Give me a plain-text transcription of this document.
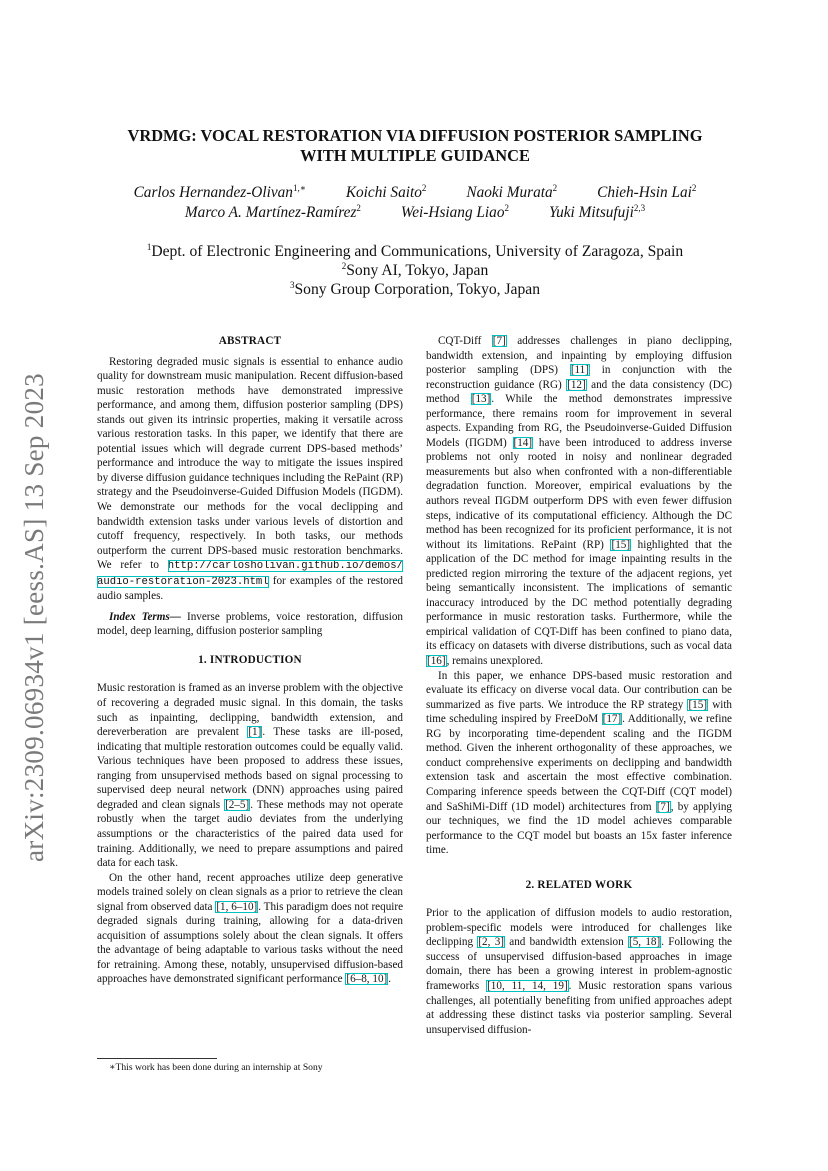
arXiv:2309.06934v1 [eess.AS] 13 Sep 2023
VRDMG: VOCAL RESTORATION VIA DIFFUSION POSTERIOR SAMPLING
WITH MULTIPLE GUIDANCE
Carlos Hernandez-Olivan$^{1,∗}$	Koichi Saito$^2$	Naoki Murata$^2$	Chieh-Hsin Lai$^2$
Marco A. Martínez-Ramírez$^2$	Wei-Hsiang Liao$^2$	Yuki Mitsufuji$^{2,3}$
$^1$Dept. of Electronic Engineering and Communications, University of Zaragoza, Spain
$^2$Sony AI, Tokyo, Japan
$^3$Sony Group Corporation, Tokyo, Japan
ABSTRACT

Restoring degraded music signals is essential to enhance audio quality for downstream music manipulation. Recent diffusion-based music restoration methods have demonstrated impressive performance, and among them, diffusion posterior sampling (DPS) stands out given its intrinsic properties, making it versatile across various restoration tasks. In this paper, we identify that there are potential issues which will degrade current DPS-based methods’ performance and introduce the way to mitigate the issues inspired by diverse diffusion guidance techniques including the RePaint (RP) strategy and the Pseudoinverse-Guided Diffusion Models (ΠGDM). We demonstrate our methods for the vocal declipping and bandwidth extension tasks under various levels of distortion and cutoff frequency, respectively. In both tasks, our methods outperform the current DPS-based music restoration benchmarks. We refer to http://carlosholivan.github.io/demos/ audio-restoration-2023.html for examples of the restored audio samples.

Index Terms— Inverse problems, voice restoration, diffusion model, deep learning, diffusion posterior sampling

1. INTRODUCTION

Music restoration is framed as an inverse problem with the objective of recovering a degraded music signal. In this domain, the tasks such as inpainting, declipping, bandwidth extension, and dereverberation are prevalent [1]. These tasks are ill-posed, indicating that multiple restoration outcomes could be equally valid. Various techniques have been proposed to address these issues, ranging from unsupervised methods based on signal processing to supervised deep neural network (DNN) approaches using paired degraded and clean signals [2–5]. These methods may not operate robustly when the target audio deviates from the underlying assumptions or the characteristics of the paired data used for training. Additionally, we need to prepare assumptions and paired data for each task.

On the other hand, recent approaches utilize deep generative models trained solely on clean signals as a prior to retrieve the clean signal from observed data [1, 6–10]. This paradigm does not require degraded signals during training, allowing for a data-driven acquisition of assumptions solely about the clean signals. It offers the advantage of being adaptable to various tasks without the need for retraining. Among these, notably, unsupervised diffusion-based approaches have demonstrated significant performance [6–8, 10].

∗This work has been done during an internship at Sony

CQT-Diff [7] addresses challenges in piano declipping, bandwidth extension, and inpainting by employing diffusion posterior sampling (DPS) [11] in conjunction with the reconstruction guidance (RG) [12] and the data consistency (DC) method [13]. While the method demonstrates impressive performance, there remains room for improvement in several aspects. Expanding from RG, the Pseudoinverse-Guided Diffusion Models (ΠGDM) [14] have been introduced to address inverse problems not only rooted in noisy and nonlinear degraded measurements but also when confronted with a non-differentiable degradation function. Moreover, empirical evaluations by the authors reveal ΠGDM outperform DPS with even fewer diffusion steps, indicative of its computational efficiency. Although the DC method has been recognized for its proficient performance, it is not without its limitations. RePaint (RP) [15] highlighted that the application of the DC method for image inpainting results in the predicted region mirroring the texture of the adjacent regions, yet being semantically inconsistent. The implications of semantic inaccuracy introduced by the DC method potentially degrading performance in music restoration tasks. Furthermore, while the empirical validation of CQT-Diff has been confined to piano data, its efficacy on datasets with diverse distributions, such as vocal data [16], remains unexplored.

In this paper, we enhance DPS-based music restoration and evaluate its efficacy on diverse vocal data. Our contribution can be summarized as five parts. We introduce the RP strategy [15] with time scheduling inspired by FreeDoM [17]. Additionally, we refine RG by incorporating time-dependent scaling and the ΠGDM method. Given the inherent orthogonality of these approaches, we conduct comprehensive experiments on declipping and bandwidth extension task and ascertain the most effective combination. Comparing inference speeds between the CQT-Diff (CQT model) and SaShiMi-Diff (1D model) architectures from [7], by applying our techniques, we find the 1D model achieves comparable performance to the CQT model but boasts an 15x faster inference time.

2. RELATED WORK

Prior to the application of diffusion models to audio restoration, problem-specific models were introduced for challenges like declipping [2, 3] and bandwidth extension [5, 18]. Following the success of unsupervised diffusion-based approaches in image domain, there has been a growing interest in problem-agnostic frameworks [10, 11, 14, 19]. Music restoration spans various challenges, all potentially benefiting from unified approaches adept at addressing these distinct tasks via posterior sampling. Several unsupervised diffusion-
